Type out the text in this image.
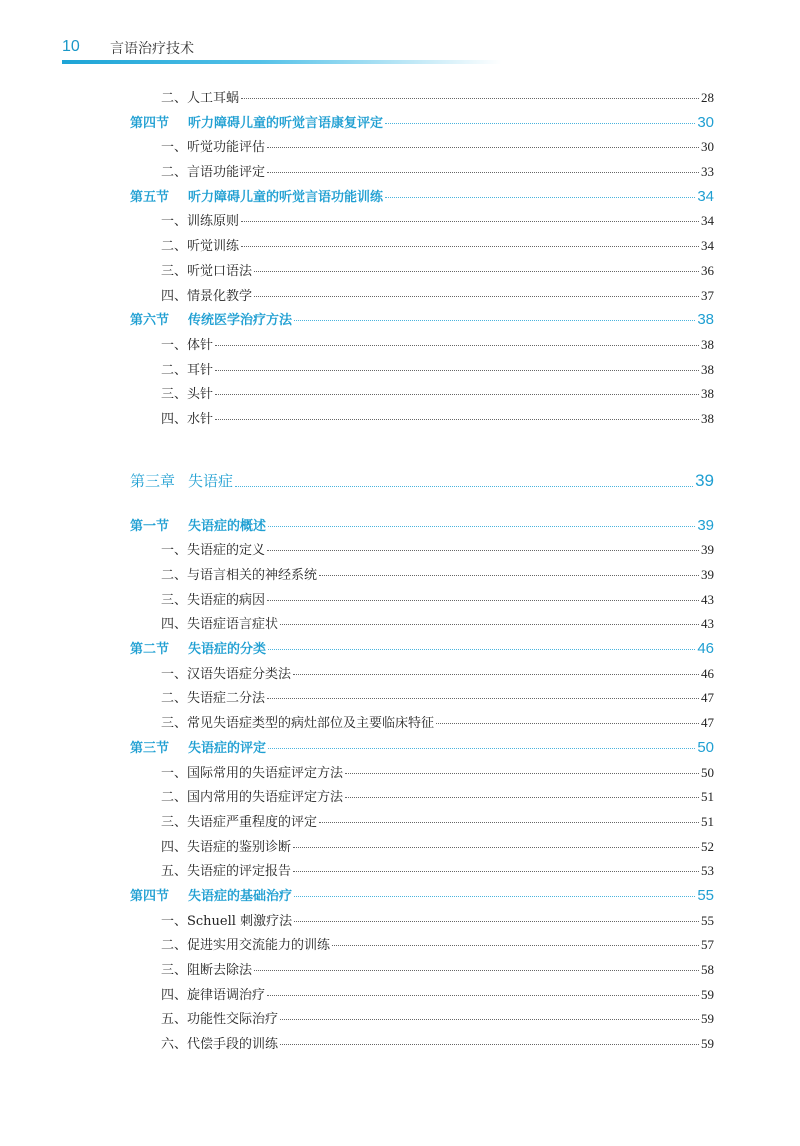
10 言语治疗技术
二、人工耳蜗	28
第四节 听力障碍儿童的听觉言语康复评定	30
一、听觉功能评估	30
二、言语功能评定	33
第五节 听力障碍儿童的听觉言语功能训练	34
一、训练原则	34
二、听觉训练	34
三、听觉口语法	36
四、情景化教学	37
第六节 传统医学治疗方法	38
一、体针	38
二、耳针	38
三、头针	38
四、水针	38
第三章 失语症	39
第一节 失语症的概述	39
一、失语症的定义	39
二、与语言相关的神经系统	39
三、失语症的病因	43
四、失语症语言症状	43
第二节 失语症的分类	46
一、汉语失语症分类法	46
二、失语症二分法	47
三、常见失语症类型的病灶部位及主要临床特征	47
第三节 失语症的评定	50
一、国际常用的失语症评定方法	50
二、国内常用的失语症评定方法	51
三、失语症严重程度的评定	51
四、失语症的鉴别诊断	52
五、失语症的评定报告	53
第四节 失语症的基础治疗	55
一、Schuell 刺激疗法	55
二、促进实用交流能力的训练	57
三、阻断去除法	58
四、旋律语调治疗	59
五、功能性交际治疗	59
六、代偿手段的训练	59
